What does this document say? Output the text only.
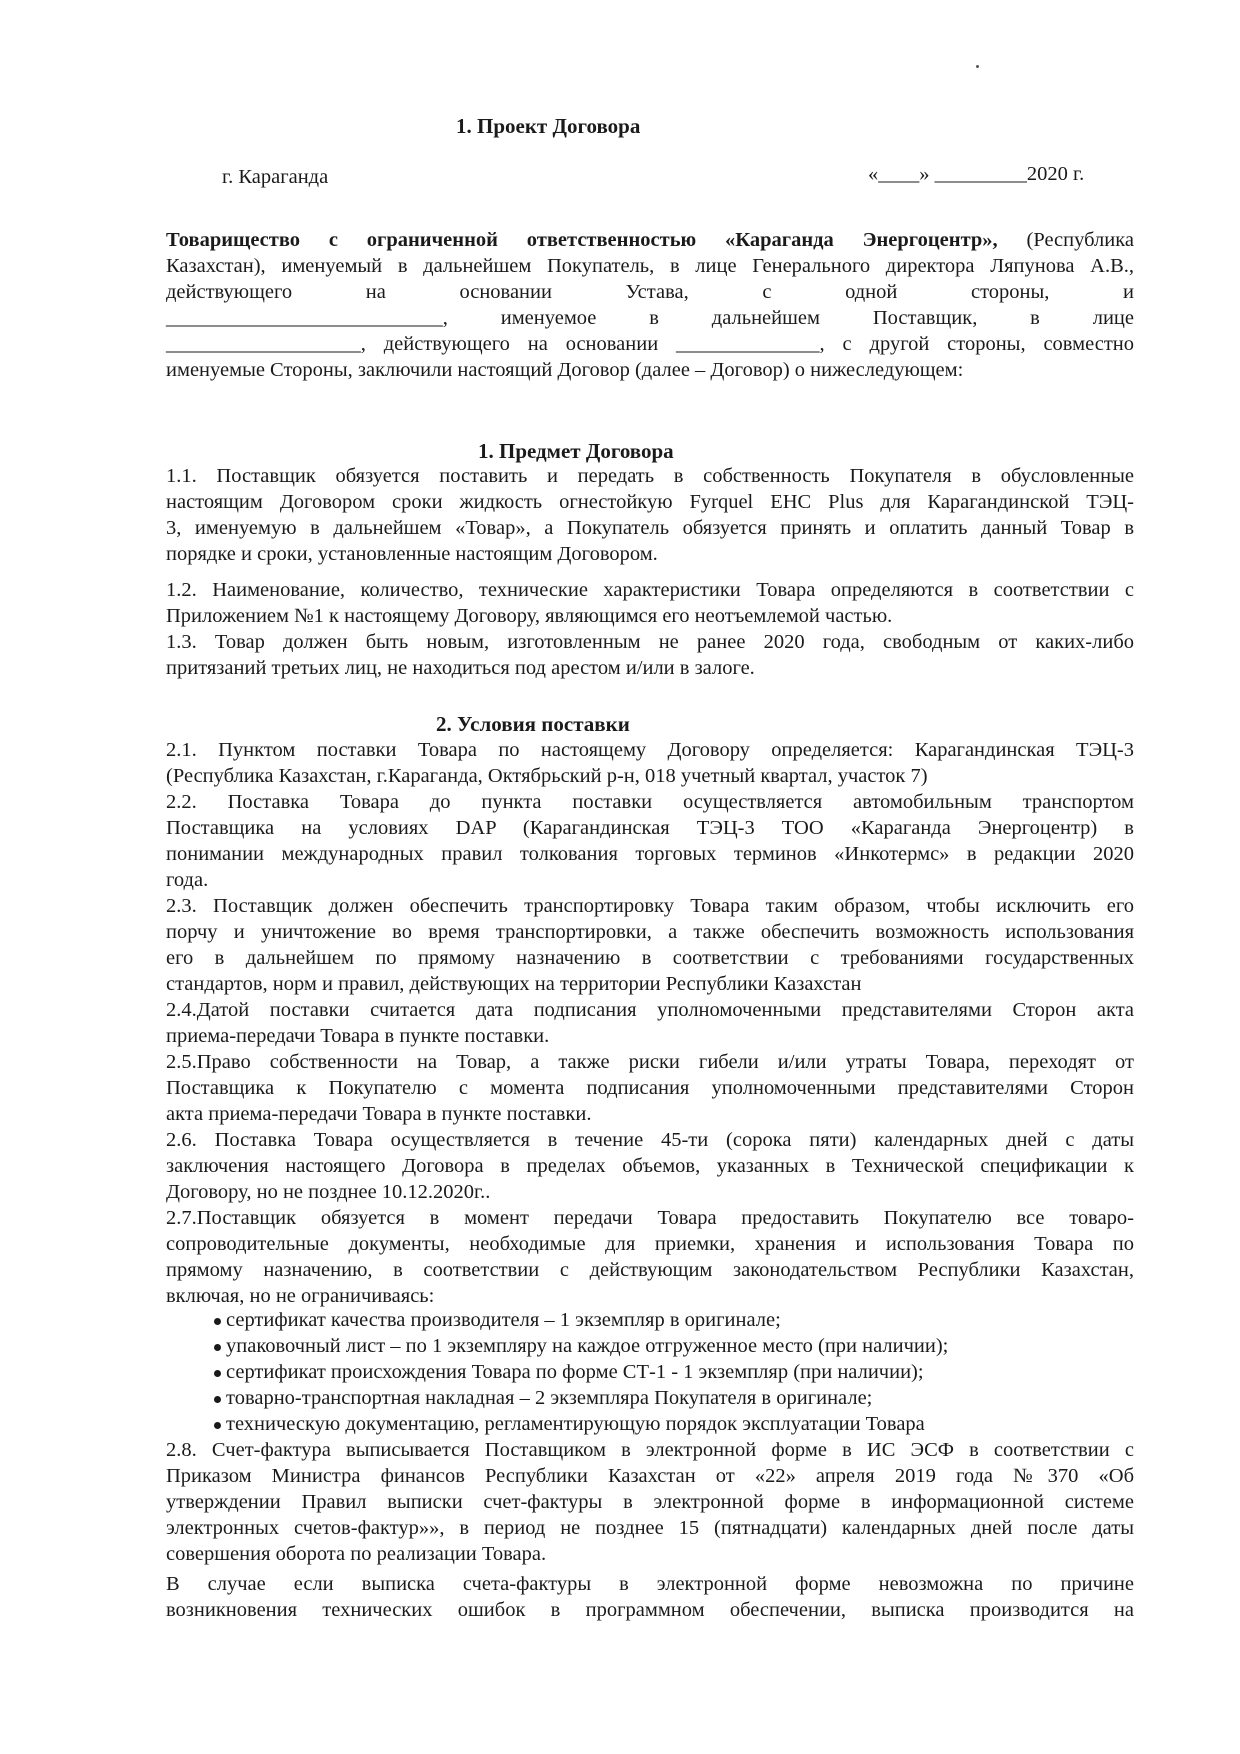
1. Проект Договора

г. Караганда	«____» _________2020 г.

Товарищество с ограниченной ответственностью «Караганда Энергоцентр», (Республика

Казахстан), именуемый в дальнейшем Покупатель, в лице Генерального директора Ляпунова А.В.,

действующего на основании Устава, с одной стороны, и

___________________________, именуемое в дальнейшем Поставщик, в лице

___________________, действующего на основании ______________, с другой стороны, совместно

именуемые Стороны, заключили настоящий Договор (далее – Договор) о нижеследующем:

1. Предмет Договора

1.1. Поставщик обязуется поставить и передать в собственность Покупателя в обусловленные

настоящим Договором сроки жидкость огнестойкую Fyrquel EHC Plus для Карагандинской ТЭЦ-

3, именуемую в дальнейшем «Товар», а Покупатель обязуется принять и оплатить данный Товар в

порядке и сроки, установленные настоящим Договором.

1.2. Наименование, количество, технические характеристики Товара определяются в соответствии с

Приложением №1 к настоящему Договору, являющимся его неотъемлемой частью.

1.3. Товар должен быть новым, изготовленным не ранее 2020 года, свободным от каких-либо

притязаний третьих лиц, не находиться под арестом и/или в залоге.

2. Условия поставки

2.1. Пунктом поставки Товара по настоящему Договору определяется: Карагандинская ТЭЦ-3

(Республика Казахстан, г.Караганда, Октябрьский р-н, 018 учетный квартал, участок 7)

2.2. Поставка Товара до пункта поставки осуществляется автомобильным транспортом

Поставщика на условиях DAP (Карагандинская ТЭЦ-3 ТОО «Караганда Энергоцентр) в

понимании международных правил толкования торговых терминов «Инкотермс» в редакции 2020

года.

2.3. Поставщик должен обеспечить транспортировку Товара таким образом, чтобы исключить его

порчу и уничтожение во время транспортировки, а также обеспечить возможность использования

его в дальнейшем по прямому назначению в соответствии с требованиями государственных

стандартов, норм и правил, действующих на территории Республики Казахстан

2.4.Датой поставки считается дата подписания уполномоченными представителями Сторон акта

приема-передачи Товара в пункте поставки.

2.5.Право собственности на Товар, а также риски гибели и/или утраты Товара, переходят от

Поставщика к Покупателю с момента подписания уполномоченными представителями Сторон

акта приема-передачи Товара в пункте поставки.

2.6. Поставка Товара осуществляется в течение 45-ти (сорока пяти) календарных дней с даты

заключения настоящего Договора в пределах объемов, указанных в Технической спецификации к

Договору, но не позднее 10.12.2020г..

2.7.Поставщик обязуется в момент передачи Товара предоставить Покупателю все товаро-

сопроводительные документы, необходимые для приемки, хранения и использования Товара по

прямому назначению, в соответствии с действующим законодательством Республики Казахстан,

включая, но не ограничиваясь:

сертификат качества производителя – 1 экземпляр в оригинале;

упаковочный лист – по 1 экземпляру на каждое отгруженное место (при наличии);

сертификат происхождения Товара по форме СТ-1 - 1 экземпляр (при наличии);

товарно-транспортная накладная – 2 экземпляра Покупателя в оригинале;

техническую документацию, регламентирующую порядок эксплуатации Товара

2.8. Счет-фактура выписывается Поставщиком в электронной форме в ИС ЭСФ в соответствии с

Приказом Министра финансов Республики Казахстан от «22» апреля 2019 года №370 «Об

утверждении Правил выписки счет-фактуры в электронной форме в информационной системе

электронных счетов-фактур»», в период не позднее 15 (пятнадцати) календарных дней после даты

совершения оборота по реализации Товара.

В случае если выписка счета-фактуры в электронной форме невозможна по причине

возникновения технических ошибок в программном обеспечении, выписка производится на
